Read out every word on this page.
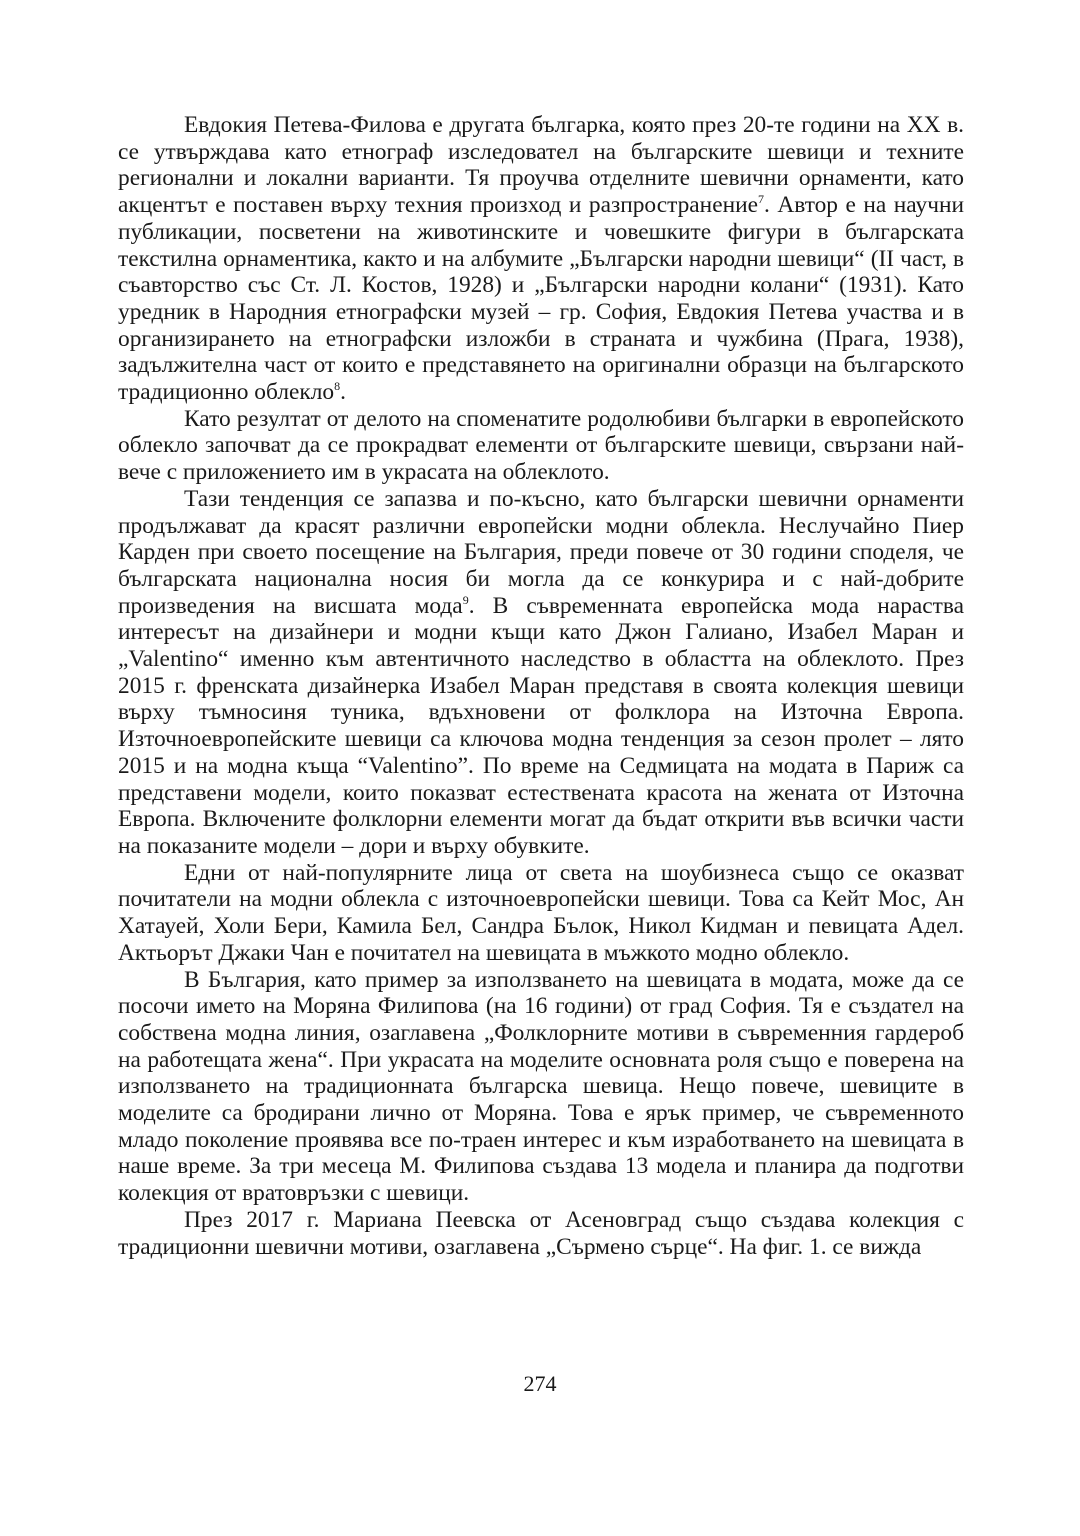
Евдокия Петева-Филова е другата българка, която през 20-те години на XX в. се утвърждава като етнограф изследовател на българските шевици и техните регионални и локални варианти. Тя проучва отделните шевични орнаменти, като акцентът е поставен върху техния произход и разпространение$^7$. Автор е на научни публикации, посветени на животинските и човешките фигури в българската текстилна орнаментика, както и на албумите „Български народни шевици“ (II част, в съавторство със Ст. Л. Костов, 1928) и „Български народни колани“ (1931). Като уредник в Народния етнографски музей – гр. София, Евдокия Петева участва и в организирането на етнографски изложби в страната и чужбина (Прага, 1938), задължителна част от които е представянето на оригинални образци на българското традиционно облекло$^8$.

Като резултат от делото на споменатите родолюбиви българки в европейското облекло започват да се прокрадват елементи от българските шевици, свързани най-вече с приложението им в украсата на облеклото.

Тази тенденция се запазва и по-късно, като български шевични орнаменти продължават да красят различни европейски модни облекла. Неслучайно Пиер Карден при своето посещение на България, преди повече от 30 години споделя, че българската национална носия би могла да се конкурира и с най-добрите произведения на висшата мода$^9$. В съвременната европейска мода нараства интересът на дизайнери и модни къщи като Джон Галиано, Изабел Маран и „Valentino“ именно към автентичното наследство в областта на облеклото. През 2015 г. френската дизайнерка Изабел Маран представя в своята колекция шевици върху тъмносиня туника, вдъхновени от фолклора на Източна Европа. Източноевропейските шевици са ключова модна тенденция за сезон пролет – лято 2015 и на модна къща “Valentino”. По време на Седмицата на модата в Париж са представени модели, които показват естествената красота на жената от Източна Европа. Включените фолклорни елементи могат да бъдат открити във всички части на показаните модели – дори и върху обувките.

Едни от най-популярните лица от света на шоубизнеса също се оказват почитатели на модни облекла с източноевропейски шевици. Това са Кейт Мос, Ан Хатауей, Холи Бери, Камила Бел, Сандра Бълок, Никол Кидман и певицата Адел. Актьорът Джаки Чан е почитател на шевицата в мъжкото модно облекло.

В България, като пример за използването на шевицата в модата, може да се посочи името на Моряна Филипова (на 16 години) от град София. Тя е създател на собствена модна линия, озаглавена „Фолклорните мотиви в съвременния гардероб на работещата жена“. При украсата на моделите основната роля също е поверена на използването на традиционната българска шевица. Нещо повече, шевиците в моделите са бродирани лично от Моряна. Това е ярък пример, че съвременното младо поколение проявява все по-траен интерес и към изработването на шевицата в наше време. За три месеца М. Филипова създава 13 модела и планира да подготви колекция от вратовръзки с шевици.

През 2017 г. Мариана Пеевска от Асеновград също създава колекция с традиционни шевични мотиви, озаглавена „Сърмено сърце“. На фиг. 1. се вижда

274
